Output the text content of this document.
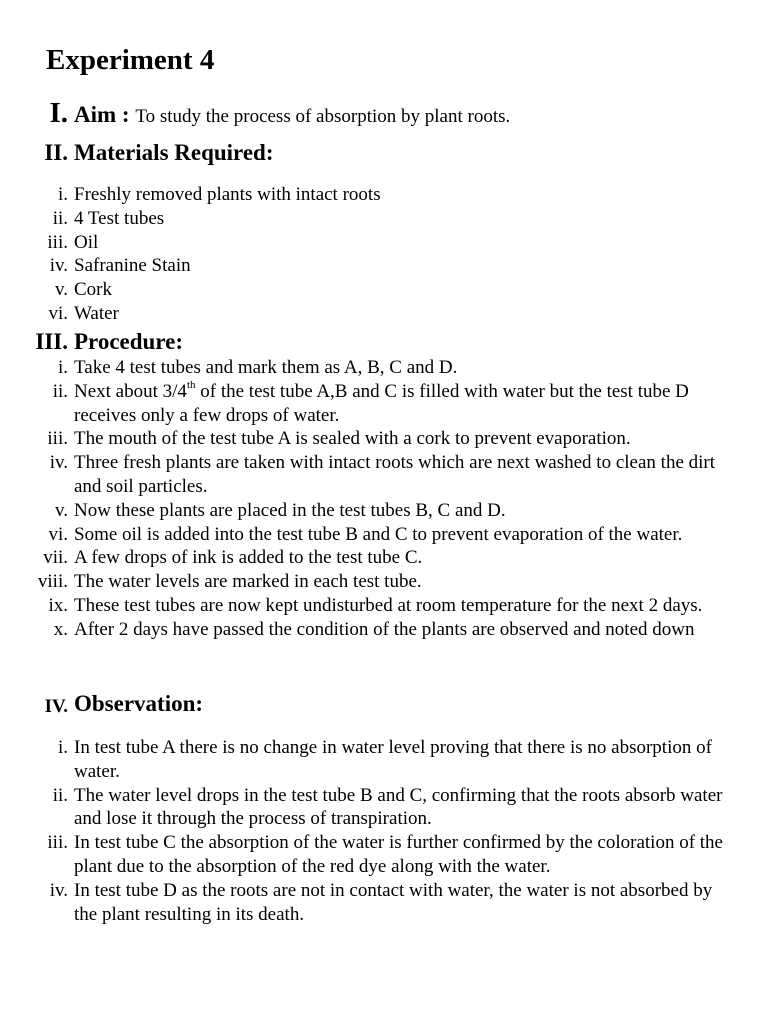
Experiment 4
I. Aim : To study the process of absorption by plant roots.
II. Materials Required:
i. Freshly removed plants with intact roots
ii. 4 Test tubes
iii. Oil
iv. Safranine Stain
v. Cork
vi. Water
III. Procedure:
i. Take 4 test tubes and mark them as A, B, C and D.
ii. Next about 3/4th of the test tube A,B and C is filled with water but the test tube D receives only a few drops of water.
iii. The mouth of the test tube A is sealed with a cork to prevent evaporation.
iv. Three fresh plants are taken with intact roots which are next washed to clean the dirt and soil particles.
v. Now these plants are placed in the test tubes B, C and D.
vi. Some oil is added into the test tube B and C to prevent evaporation of the water.
vii. A few drops of ink is added to the test tube C.
viii. The water levels are marked in each test tube.
ix. These test tubes are now kept undisturbed at room temperature for the next 2 days.
x. After 2 days have passed the condition of the plants are observed and noted down
IV. Observation:
i. In test tube A there is no change in water level proving that there is no absorption of water.
ii. The water level drops in the test tube B and C, confirming that the roots absorb water and lose it through the process of transpiration.
iii. In test tube C the absorption of the water is further confirmed by the coloration of the plant due to the absorption of the red dye along with the water.
iv. In test tube D as the roots are not in contact with water, the water is not absorbed by the plant resulting in its death.
